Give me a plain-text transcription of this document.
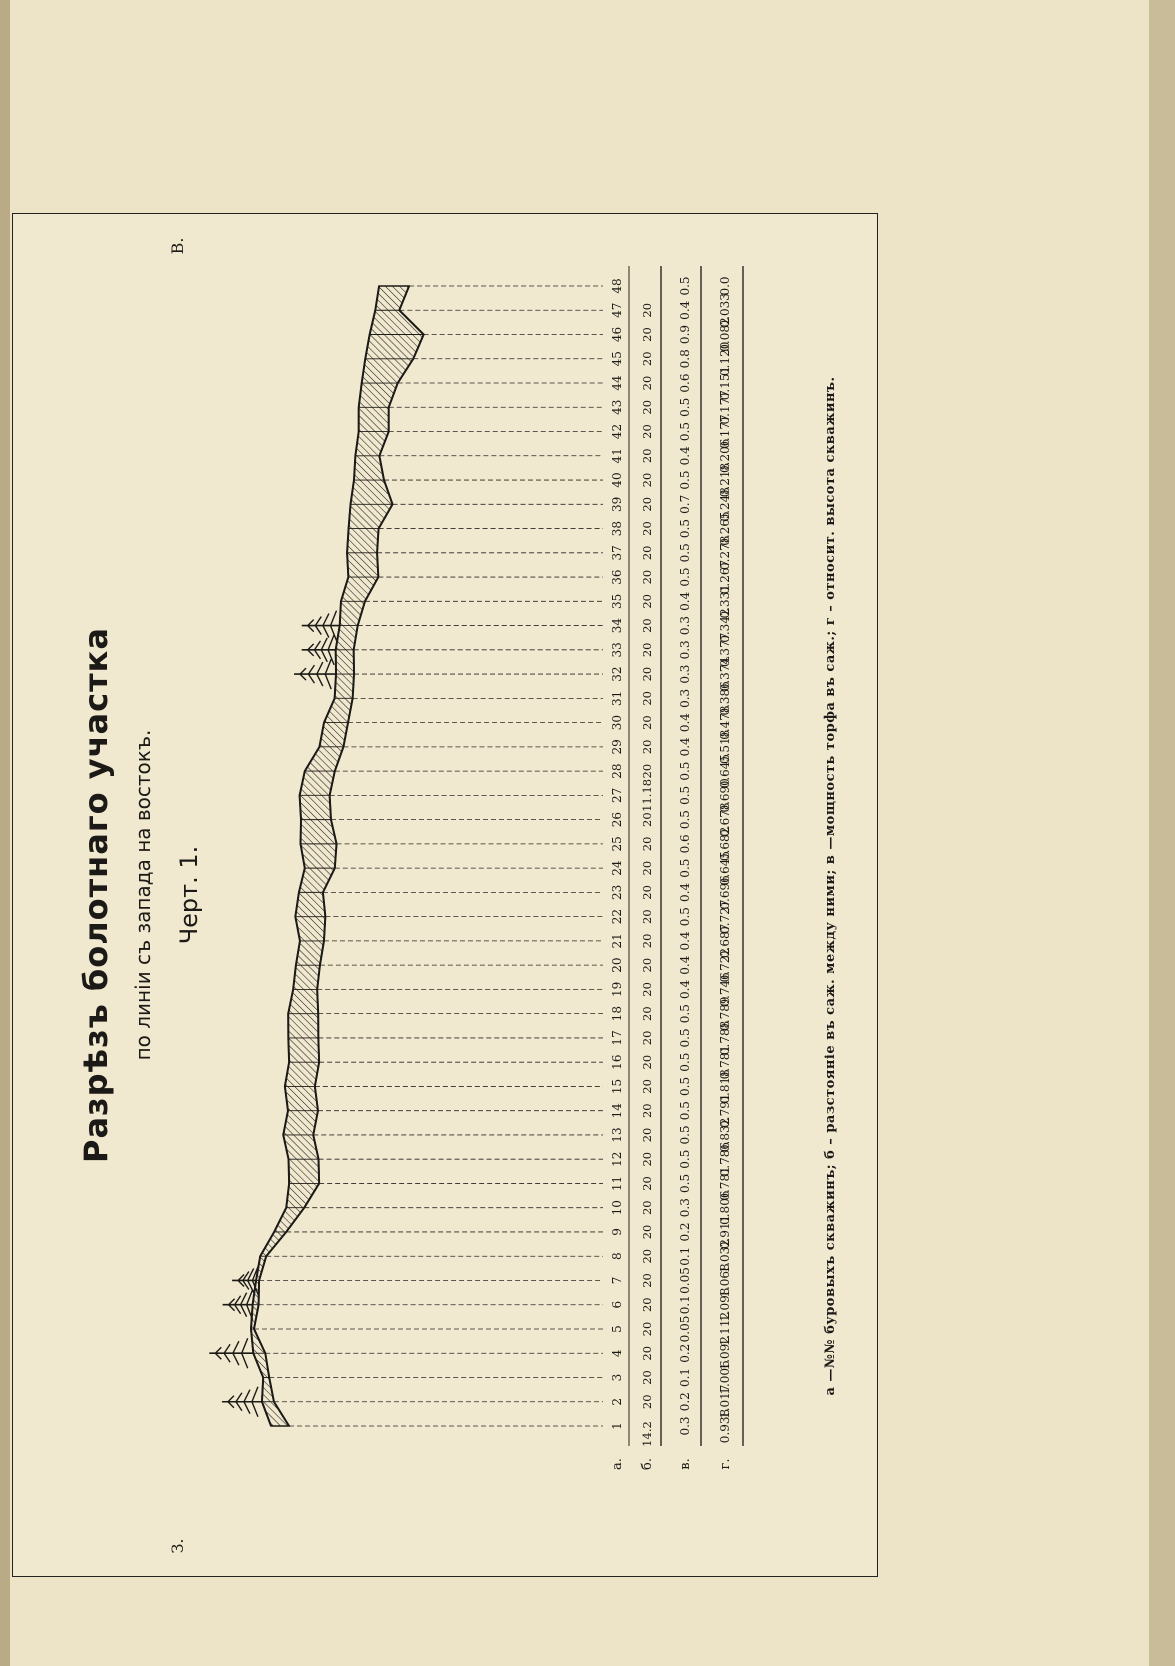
Разрѣзъ болотнаго участка по линіи съ запада на востокъ. Черт. 1.
З.
В.
а. б. в. г.
1
2
3
4
5
6
7
8
9
10
11
12
13
14
15
16
17
18
19
20
21
22
23
24
25
26
27
28
29
30
31
32
33
34
35
36
37
38
39
40
41
42
43
44
45
46
47
48
14.2
20
20
20
20
20
20
20
20
20
20
20
20
20
20
20
20
20
20
20
20
20
20
20
20
20
11.18
20
20
20
20
20
20
20
20
20
20
20
20
20
20
20
20
20
20
20
20
0.3
0.2
0.1
0.2
0.05
0.1
0.05
0.1
0.2
0.3
0.5
0.5
0.5
0.5
0.5
0.5
0.5
0.5
0.4
0.4
0.4
0.5
0.4
0.5
0.6
0.5
0.5
0.5
0.4
0.4
0.3
0.3
0.3
0.3
0.4
0.5
0.5
0.5
0.7
0.5
0.4
0.5
0.5
0.6
0.8
0.9
0.4
0.5
0.938
1.017
1.006
1.092
1.112
1.098
1.068
1.032
0.911
0.806
0.781
0.786
0.832
0.791
0.818
0.781
0.788
0.789
0.746
0.722
0.687
0.727
0.696
0.645
0.682
0.678
0.690
0.645
0.518
0.478
0.386
0.374
0.377
0.342
0.331
0.267
0.278
0.265
0.248
0.218
0.206
0.177
0.177
0.151
0.120
0.082
0.033
0.0
а —№№ буровыхъ скважинъ; б – разстояніе въ саж. между ними; в —мощность торфа въ саж.; г – относит. высота скважинъ.
